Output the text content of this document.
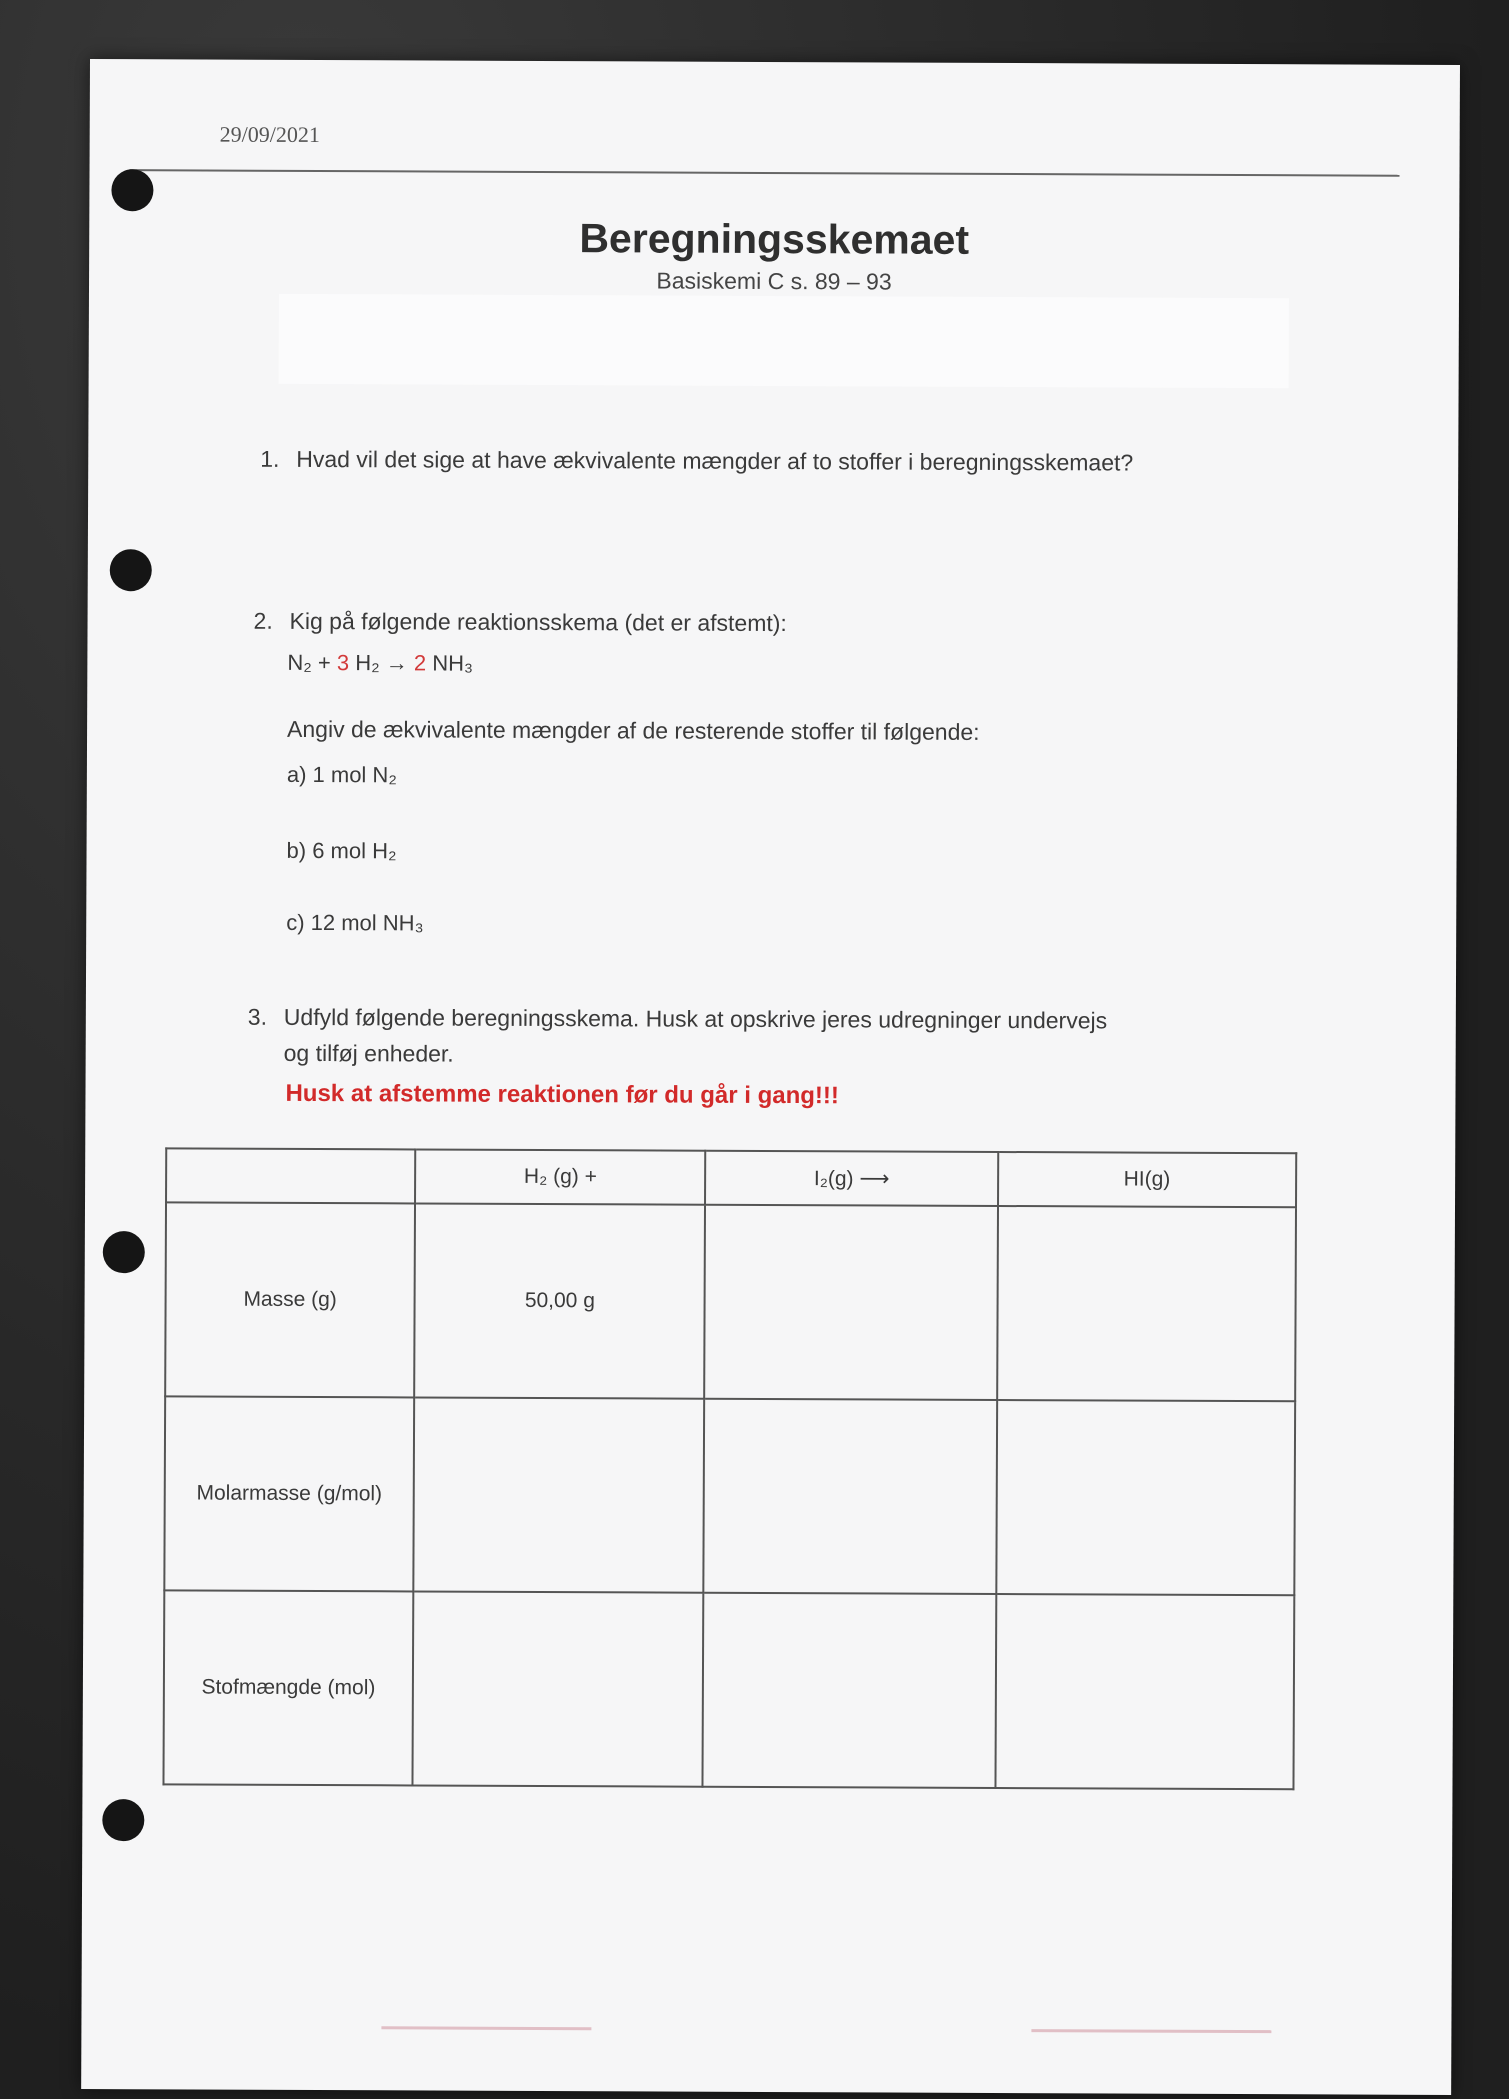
29/09/2021
Beregningsskemaet
Basiskemi C s. 89 – 93
1. Hvad vil det sige at have ækvivalente mængder af to stoffer i beregningsskemaet?
2. Kig på følgende reaktionsskema (det er afstemt):
N₂ + 3 H₂ → 2 NH₃
Angiv de ækvivalente mængder af de resterende stoffer til følgende:
a) 1 mol N₂
b) 6 mol H₂
c) 12 mol NH₃
3. Udfyld følgende beregningsskema. Husk at opskrive jeres udregninger undervejs
og tilføj enheder.
Husk at afstemme reaktionen før du går i gang!!!
	H₂ (g) +	I₂(g) ⟶	HI(g)
Masse (g)	50,00 g		
Molarmasse (g/mol)			
Stofmængde (mol)			
